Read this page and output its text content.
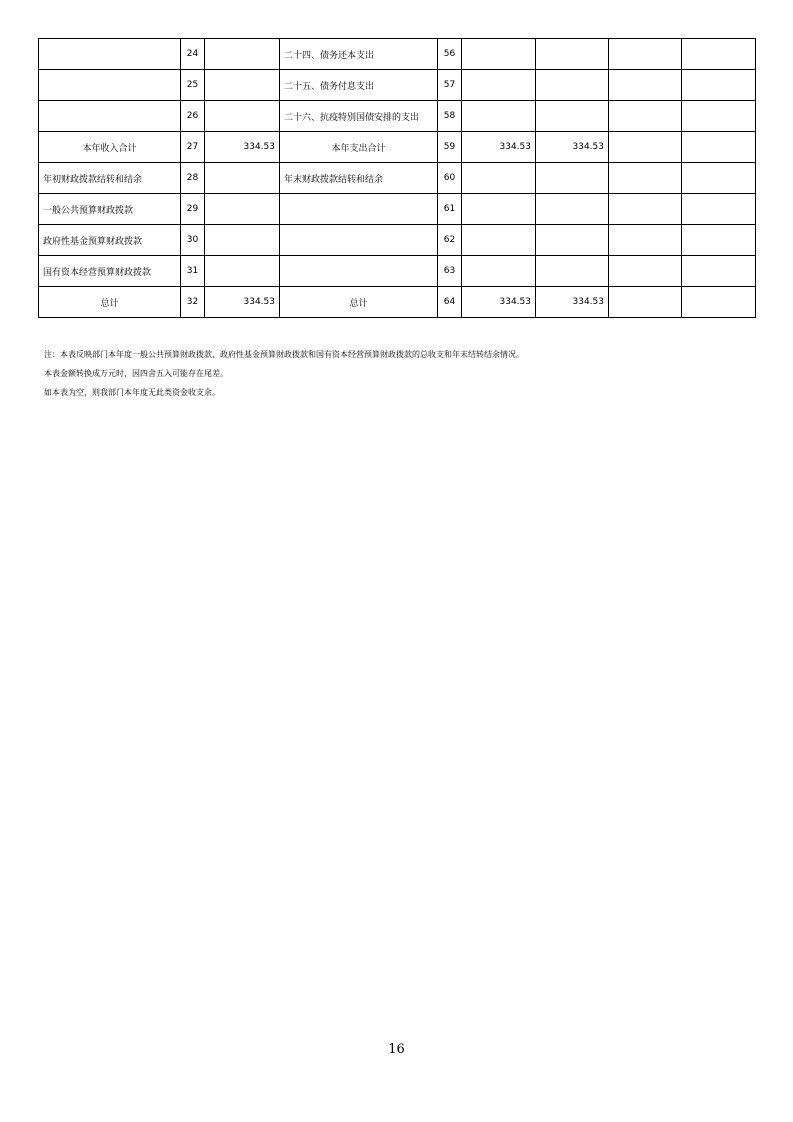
	24		二十四、债务还本支出	56				
	25		二十五、债务付息支出	57				
	26		二十六、抗疫特别国债安排的支出	58				
本年收入合计	27	334.53	本年支出合计	59	334.53	334.53		
年初财政拨款结转和结余	28		年末财政拨款结转和结余	60				
一般公共预算财政拨款	29			61				
政府性基金预算财政拨款	30			62				
国有资本经营预算财政拨款	31			63				
总计	32	334.53	总计	64	334.53	334.53		
注：本表反映部门本年度一般公共预算财政拨款、政府性基金预算财政拨款和国有资本经营预算财政拨款的总收支和年末结转结余情况。
本表金额转换成万元时，因四舍五入可能存在尾差。
如本表为空，则我部门本年度无此类资金收支余。
16
